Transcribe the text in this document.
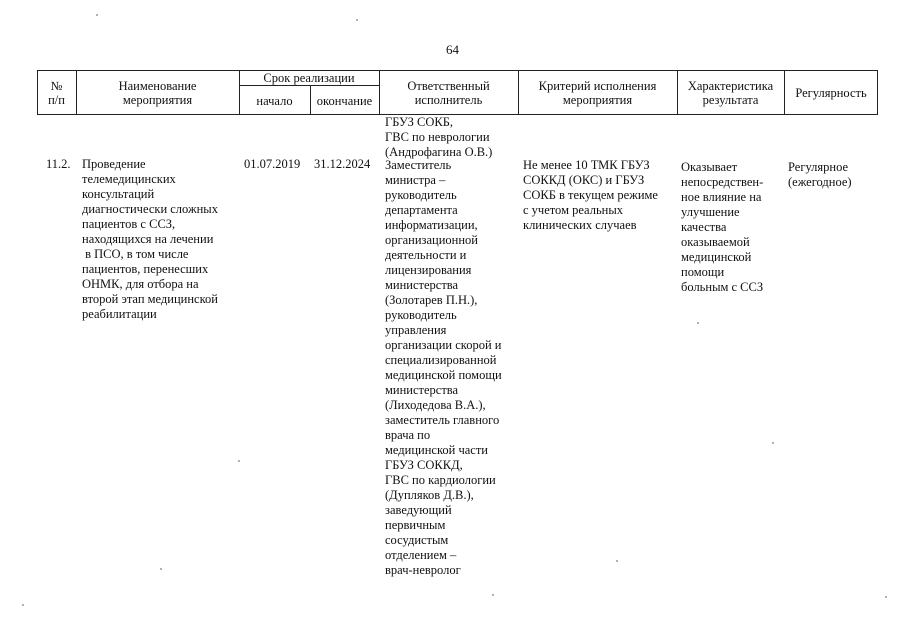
64
№
п/п
Наименование
мероприятия
Срок реализации
начало	окончание
Ответственный
исполнитель
Критерий исполнения
мероприятия
Характеристика
результата	Регулярность
ГБУЗ СОКБ,
ГВС по неврологии
(Андрофагина О.В.)
11.2. Проведение
телемедицинских
консультаций
диагностически сложных
пациентов с ССЗ,
находящихся на лечении
в ПСО, в том числе
пациентов, перенесших
ОНМК, для отбора на
второй этап медицинской
реабилитации
01.07.2019 31.12.2024 Заместитель
министра –
руководитель
департамента
информатизации,
организационной
деятельности и
лицензирования
министерства
(Золотарев П.Н.),
руководитель
управления
организации скорой и
специализированной
медицинской помощи
министерства
(Лиходедова В.А.),
заместитель главного
врача по
медицинской части
ГБУЗ СОККД,
ГВС по кардиологии
(Дупляков Д.В.),
заведующий
первичным
сосудистым
отделением –
врач-невролог
Не менее 10 ТМК ГБУЗ
СОККД (ОКС) и ГБУЗ
СОКБ в текущем режиме
с учетом реальных
клинических случаев
Оказывает
непосредствен-
ное влияние на
улучшение
качества
оказываемой
медицинской
помощи
больным с ССЗ
Регулярное
(ежегодное)
